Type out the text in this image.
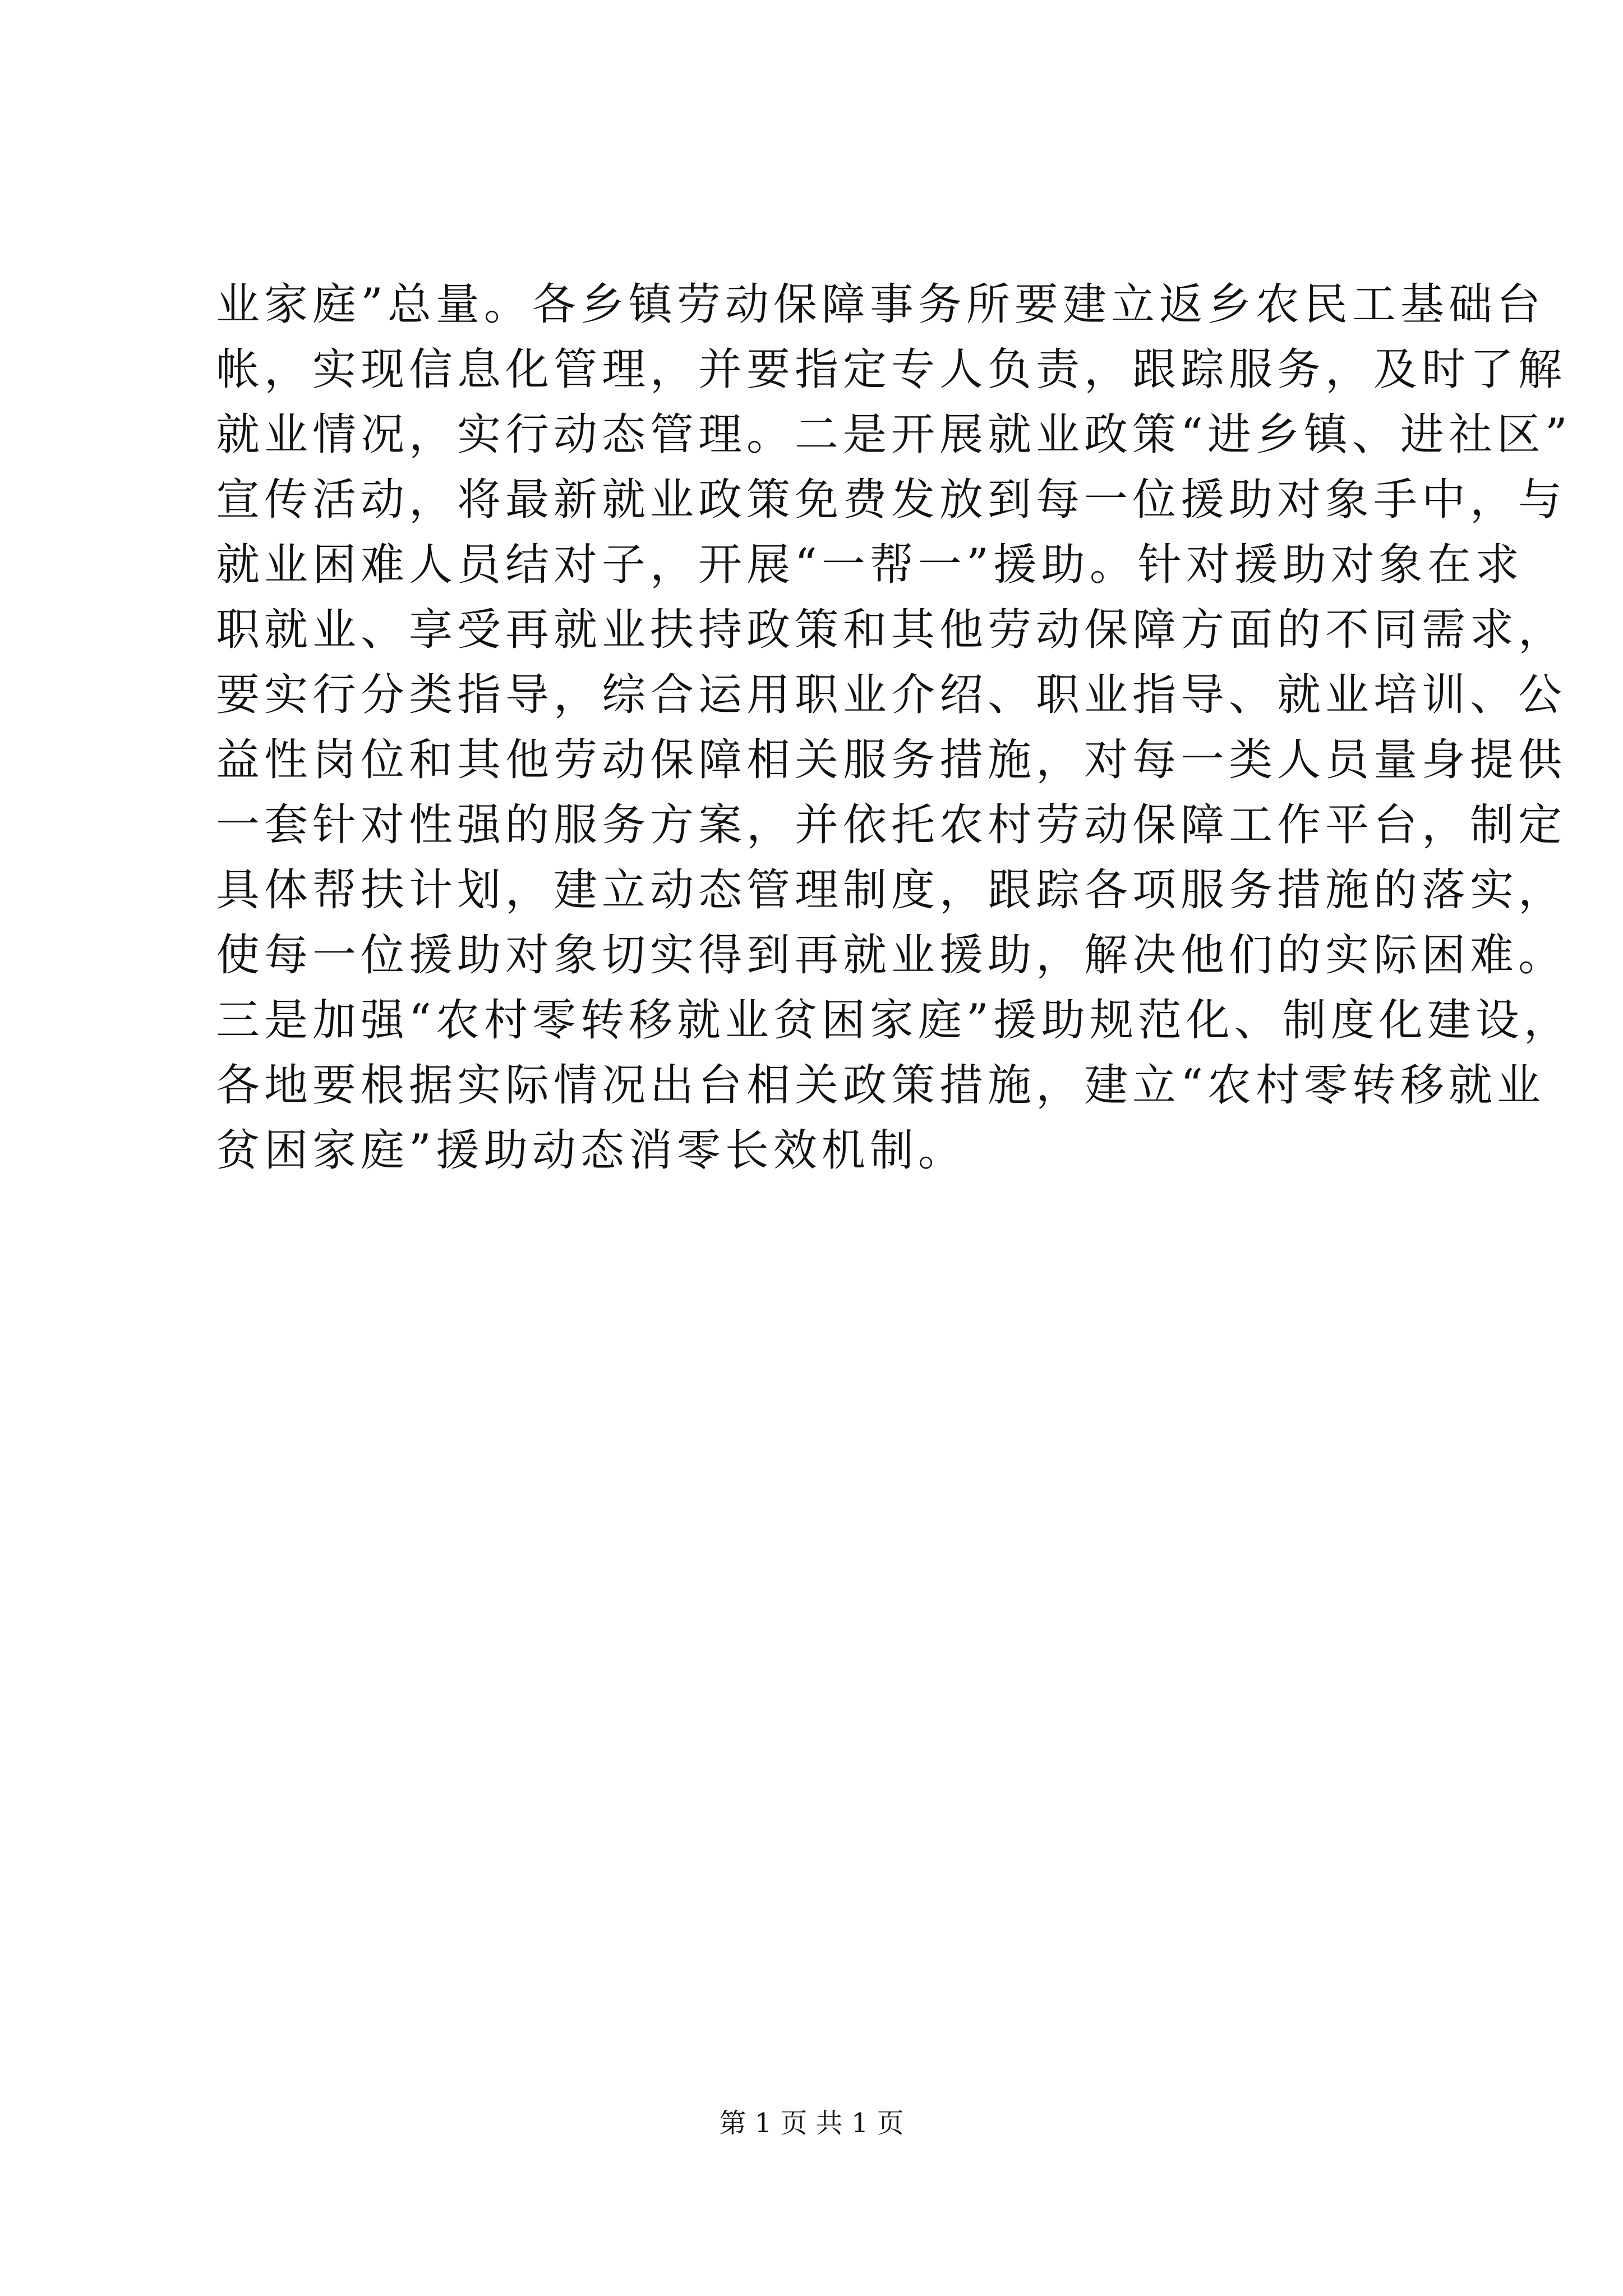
业家庭”总量。各乡镇劳动保障事务所要建立返乡农民工基础台
帐，实现信息化管理，并要指定专人负责，跟踪服务，及时了解
就业情况，实行动态管理。二是开展就业政策“进乡镇、进社区”
宣传活动，将最新就业政策免费发放到每一位援助对象手中，与
就业困难人员结对子，开展“一帮一”援助。针对援助对象在求
职就业、享受再就业扶持政策和其他劳动保障方面的不同需求，
要实行分类指导，综合运用职业介绍、职业指导、就业培训、公
益性岗位和其他劳动保障相关服务措施，对每一类人员量身提供
一套针对性强的服务方案，并依托农村劳动保障工作平台，制定
具体帮扶计划，建立动态管理制度，跟踪各项服务措施的落实，
使每一位援助对象切实得到再就业援助，解决他们的实际困难。
三是加强“农村零转移就业贫困家庭”援助规范化、制度化建设，
各地要根据实际情况出台相关政策措施，建立“农村零转移就业
贫困家庭”援助动态消零长效机制。
第 1 页 共 1 页
